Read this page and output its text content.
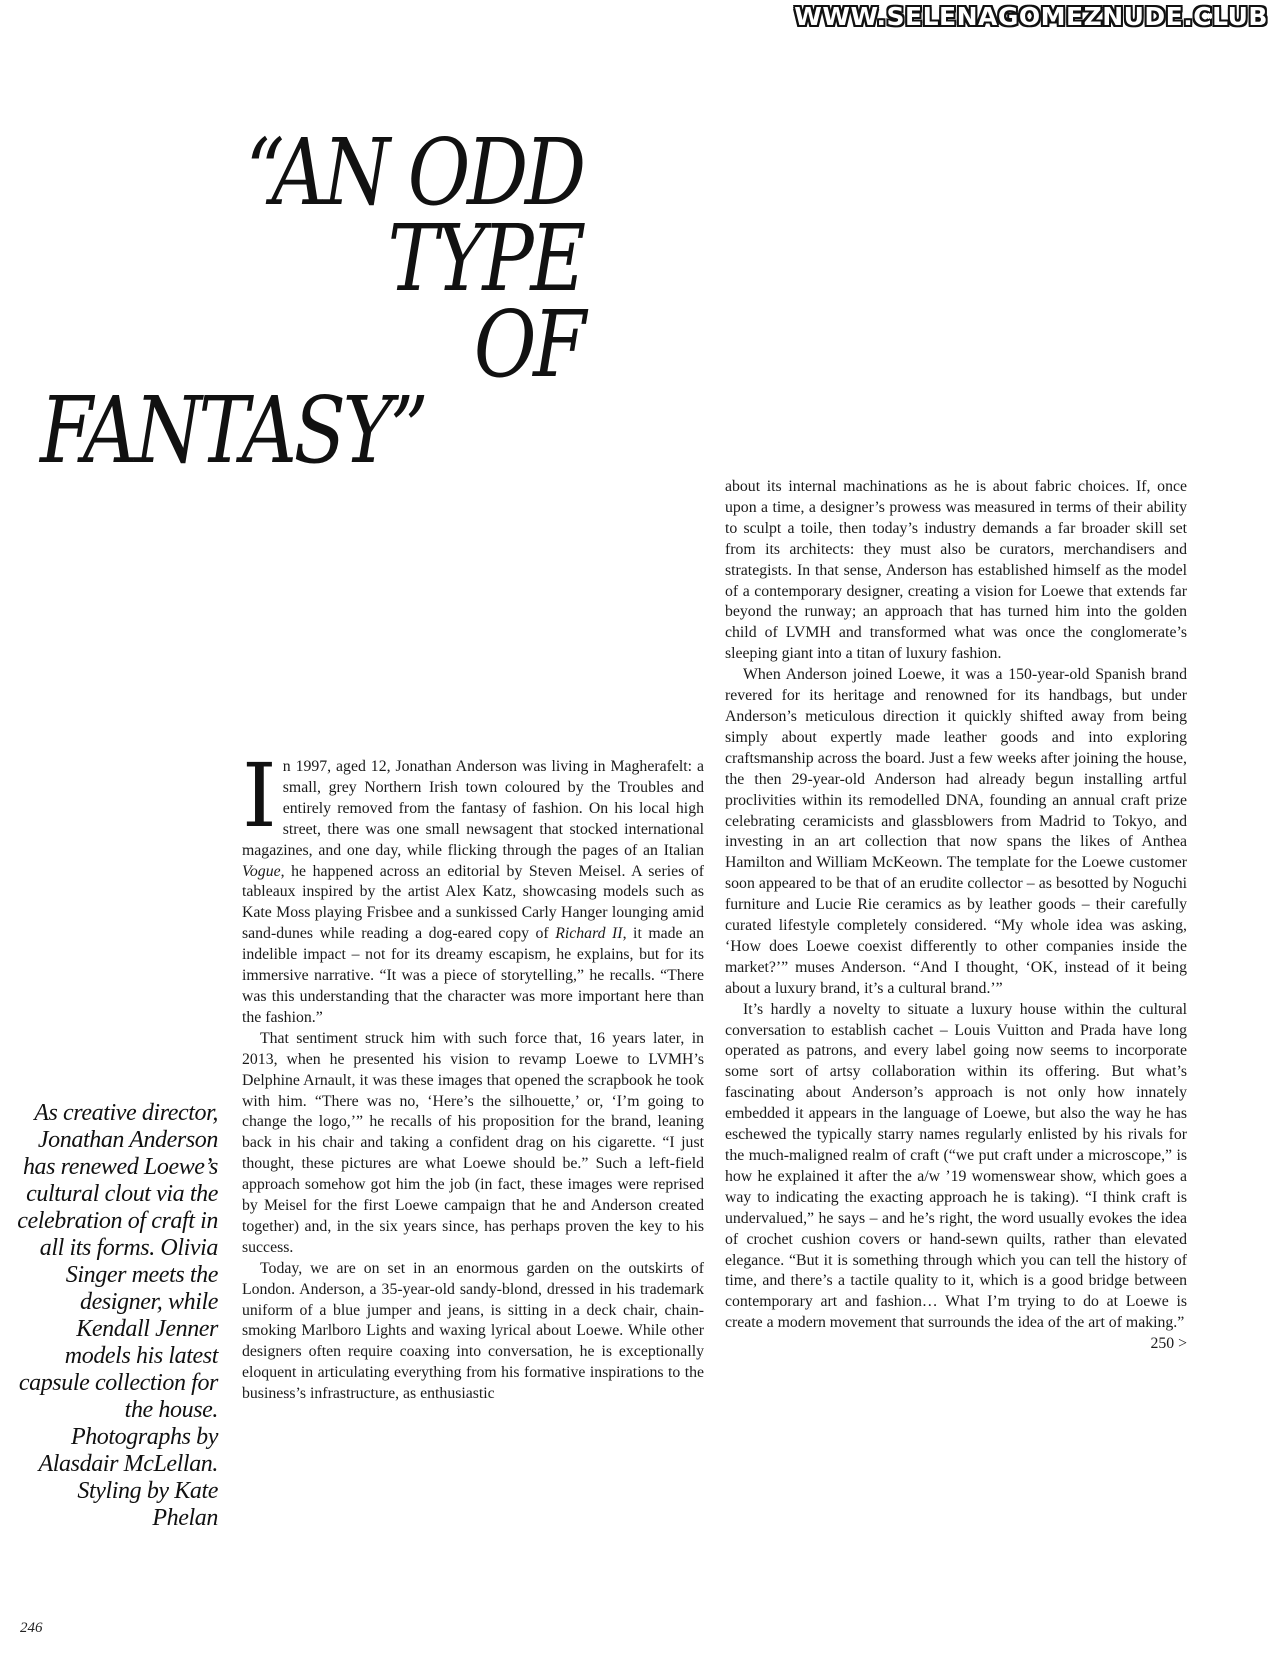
WWW.SELENAGOMEZNUDE.CLUB
“AN ODD
TYPE
OF
FANTASY”

As creative director, Jonathan Anderson has renewed Loewe’s cultural clout via the celebration of craft in all its forms. Olivia Singer meets the designer, while Kendall Jenner models his latest capsule collection for the house. Photographs by Alasdair McLellan. Styling by Kate Phelan

In 1997, aged 12, Jonathan Anderson was living in Magherafelt: a small, grey Northern Irish town coloured by the Troubles and entirely removed from the fantasy of fashion. On his local high street, there was one small newsagent that stocked international magazines, and one day, while flicking through the pages of an Italian Vogue, he happened across an editorial by Steven Meisel. A series of tableaux inspired by the artist Alex Katz, showcasing models such as Kate Moss playing Frisbee and a sunkissed Carly Hanger lounging amid sand-dunes while reading a dog-eared copy of Richard II, it made an indelible impact – not for its dreamy escapism, he explains, but for its immersive narrative. “It was a piece of storytelling,” he recalls. “There was this understanding that the character was more important here than the fashion.”

That sentiment struck him with such force that, 16 years later, in 2013, when he presented his vision to revamp Loewe to LVMH’s Delphine Arnault, it was these images that opened the scrapbook he took with him. “There was no, ‘Here’s the silhouette,’ or, ‘I’m going to change the logo,’” he recalls of his proposition for the brand, leaning back in his chair and taking a confident drag on his cigarette. “I just thought, these pictures are what Loewe should be.” Such a left-field approach somehow got him the job (in fact, these images were reprised by Meisel for the first Loewe campaign that he and Anderson created together) and, in the six years since, has perhaps proven the key to his success.

Today, we are on set in an enormous garden on the outskirts of London. Anderson, a 35-year-old sandy-blond, dressed in his trademark uniform of a blue jumper and jeans, is sitting in a deck chair, chain-smoking Marlboro Lights and waxing lyrical about Loewe. While other designers often require coaxing into conversation, he is exceptionally eloquent in articulating everything from his formative inspirations to the business’s infrastructure, as enthusiastic

about its internal machinations as he is about fabric choices. If, once upon a time, a designer’s prowess was measured in terms of their ability to sculpt a toile, then today’s industry demands a far broader skill set from its architects: they must also be curators, merchandisers and strategists. In that sense, Anderson has established himself as the model of a contemporary designer, creating a vision for Loewe that extends far beyond the runway; an approach that has turned him into the golden child of LVMH and transformed what was once the conglomerate’s sleeping giant into a titan of luxury fashion.

When Anderson joined Loewe, it was a 150-year-old Spanish brand revered for its heritage and renowned for its handbags, but under Anderson’s meticulous direction it quickly shifted away from being simply about expertly made leather goods and into exploring craftsmanship across the board. Just a few weeks after joining the house, the then 29-year-old Anderson had already begun installing artful proclivities within its remodelled DNA, founding an annual craft prize celebrating ceramicists and glassblowers from Madrid to Tokyo, and investing in an art collection that now spans the likes of Anthea Hamilton and William McKeown. The template for the Loewe customer soon appeared to be that of an erudite collector – as besotted by Noguchi furniture and Lucie Rie ceramics as by leather goods – their carefully curated lifestyle completely considered. “My whole idea was asking, ‘How does Loewe coexist differently to other companies inside the market?’” muses Anderson. “And I thought, ‘OK, instead of it being about a luxury brand, it’s a cultural brand.’”

It’s hardly a novelty to situate a luxury house within the cultural conversation to establish cachet – Louis Vuitton and Prada have long operated as patrons, and every label going now seems to incorporate some sort of artsy collaboration within its offering. But what’s fascinating about Anderson’s approach is not only how innately embedded it appears in the language of Loewe, but also the way he has eschewed the typically starry names regularly enlisted by his rivals for the much-maligned realm of craft (“we put craft under a microscope,” is how he explained it after the a/w ’19 womenswear show, which goes a way to indicating the exacting approach he is taking). “I think craft is undervalued,” he says – and he’s right, the word usually evokes the idea of crochet cushion covers or hand-sewn quilts, rather than elevated elegance. “But it is something through which you can tell the history of time, and there’s a tactile quality to it, which is a good bridge between contemporary art and fashion… What I’m trying to do at Loewe is create a modern movement that surrounds the idea of the art of making.”
250 >

246
